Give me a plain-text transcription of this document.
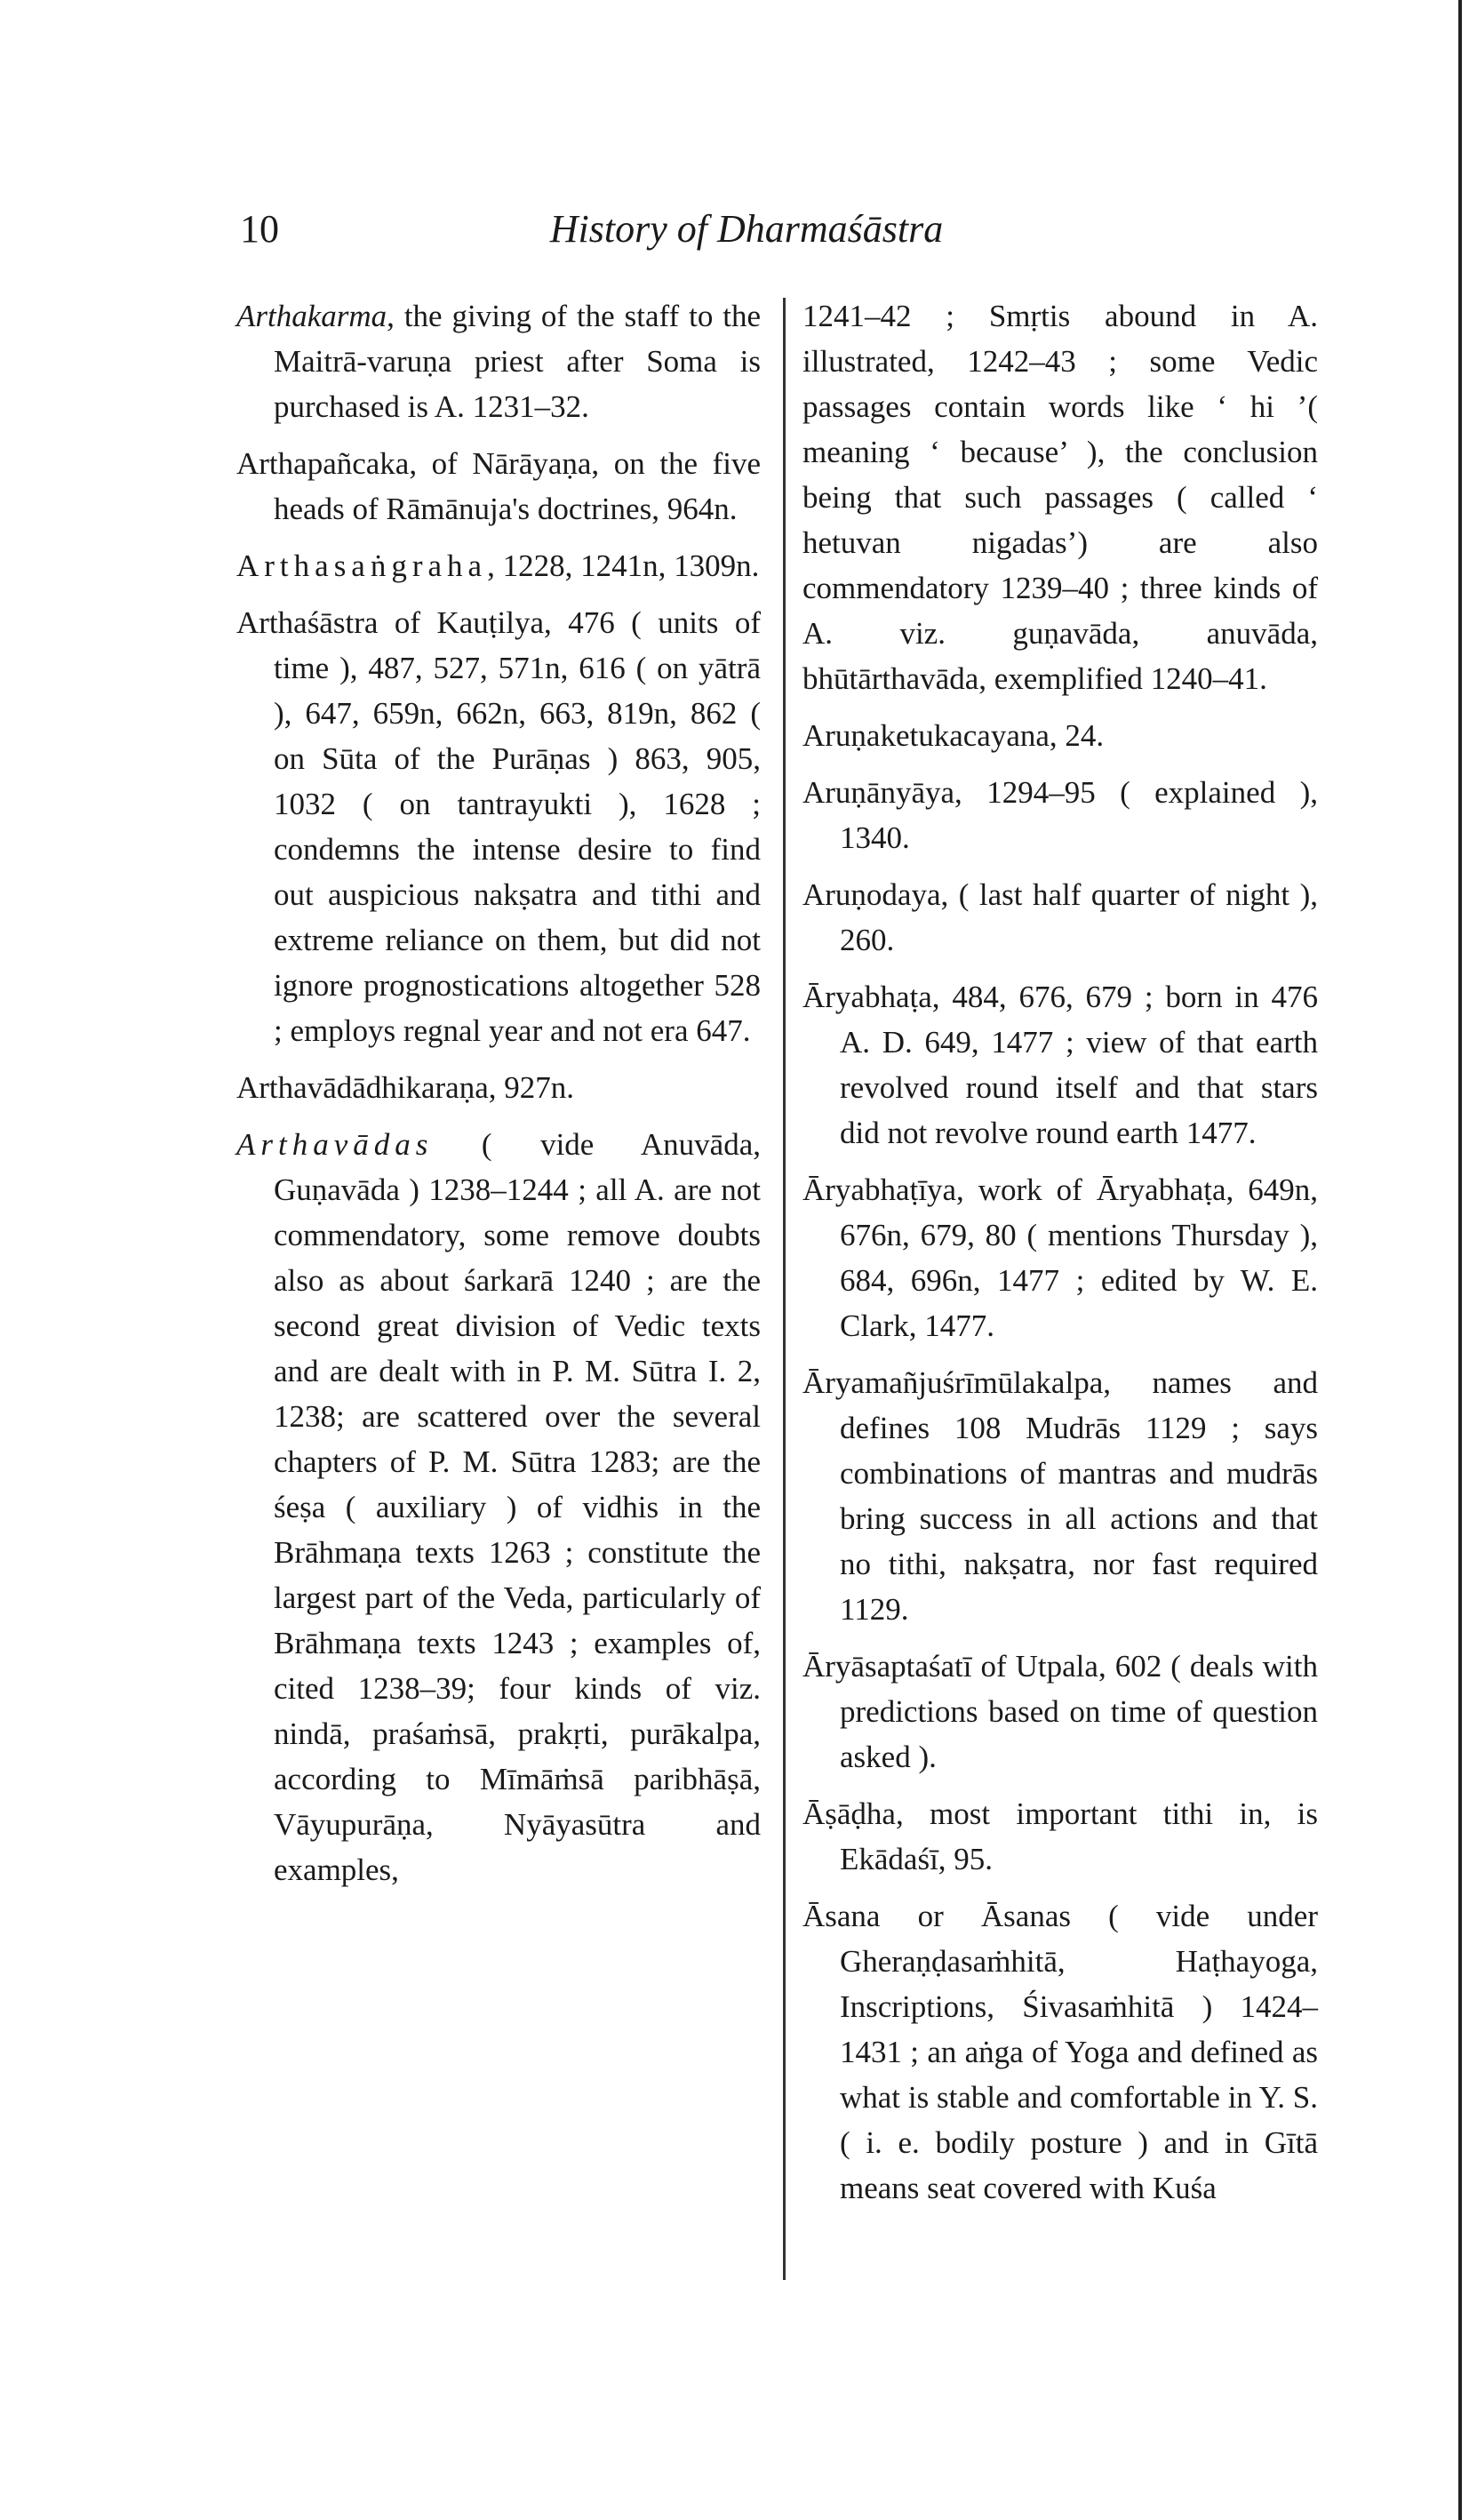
10	History of Dharmaśāstra

Arthakarma, the giving of the staff to the Maitrā-varuṇa priest after Soma is purchased is A. 1231–32.

Arthapañcaka, of Nārāyaṇa, on the five heads of Rāmānuja's doctrines, 964n.

Arthasaṅgraha, 1228, 1241n, 1309n.

Arthaśāstra of Kauṭilya, 476 ( units of time ), 487, 527, 571n, 616 ( on yātrā ), 647, 659n, 662n, 663, 819n, 862 ( on Sūta of the Purāṇas ) 863, 905, 1032 ( on tantrayukti ), 1628 ; condemns the intense desire to find out auspicious nakṣatra and tithi and extreme reliance on them, but did not ignore prognostications altogether 528 ; employs regnal year and not era 647.

Arthavādādhikaraṇa, 927n.

Arthavādas ( vide Anuvāda, Guṇavāda ) 1238–1244 ; all A. are not commendatory, some remove doubts also as about śarkarā 1240 ; are the second great division of Vedic texts and are dealt with in P. M. Sūtra I. 2, 1238; are scattered over the several chapters of P. M. Sūtra 1283; are the śeṣa ( auxiliary ) of vidhis in the Brāhmaṇa texts 1263 ; constitute the largest part of the Veda, particularly of Brāhmaṇa texts 1243 ; examples of, cited 1238–39; four kinds of viz. nindā, praśaṁsā, prakṛti, purākalpa, according to Mīmāṁsā paribhāṣā, Vāyupurāṇa, Nyāyasūtra and examples,

1241–42 ; Smṛtis abound in A. illustrated, 1242–43 ; some Vedic passages contain words like ‘ hi ’( meaning ‘ because’ ), the conclusion being that such passages ( called ‘ hetuvan nigadas’) are also commendatory 1239–40 ; three kinds of A. viz. guṇavāda, anuvāda, bhūtārthavāda, exemplified 1240–41.

Aruṇaketukacayana, 24.

Aruṇānyāya, 1294–95 ( explained ), 1340.

Aruṇodaya, ( last half quarter of night ), 260.

Āryabhaṭa, 484, 676, 679 ; born in 476 A. D. 649, 1477 ; view of that earth revolved round itself and that stars did not revolve round earth 1477.

Āryabhaṭīya, work of Āryabhaṭa, 649n, 676n, 679, 80 ( mentions Thursday ), 684, 696n, 1477 ; edited by W. E. Clark, 1477.

Āryamañjuśrīmūlakalpa, names and defines 108 Mudrās 1129 ; says combinations of mantras and mudrās bring success in all actions and that no tithi, nakṣatra, nor fast required 1129.

Āryāsaptaśatī of Utpala, 602 ( deals with predictions based on time of question asked ).

Āṣāḍha, most important tithi in, is Ekādaśī, 95.

Āsana or Āsanas ( vide under Gheraṇḍasaṁhitā, Haṭhayoga, Inscriptions, Śivasaṁhitā ) 1424–1431 ; an aṅga of Yoga and defined as what is stable and comfortable in Y. S. ( i. e. bodily posture ) and in Gītā means seat covered with Kuśa
